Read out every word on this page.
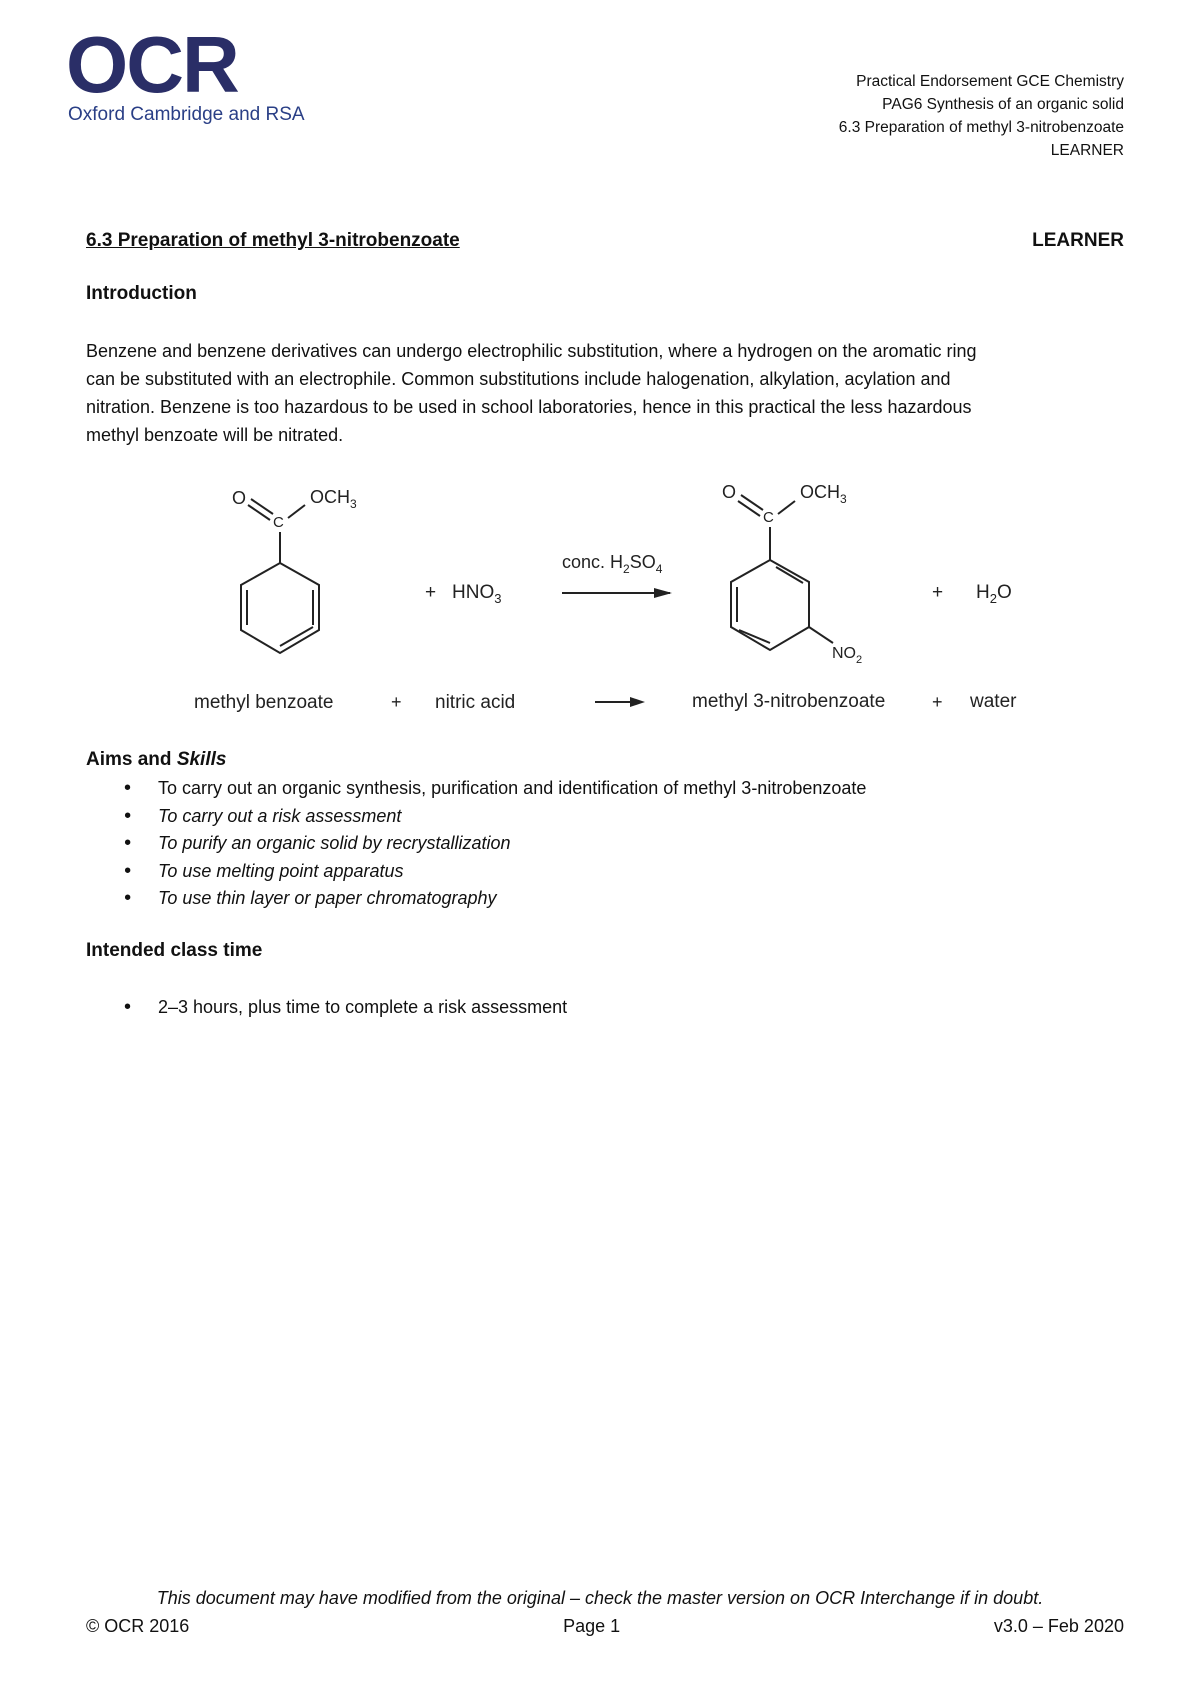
OCR
Oxford Cambridge and RSA
Practical Endorsement GCE Chemistry
PAG6 Synthesis of an organic solid
6.3 Preparation of methyl 3-nitrobenzoate
LEARNER
6.3 Preparation of methyl 3-nitrobenzoate	LEARNER
Introduction
Benzene and benzene derivatives can undergo electrophilic substitution, where a hydrogen on the aromatic ring
can be substituted with an electrophile. Common substitutions include halogenation, alkylation, acylation and
nitration. Benzene is too hazardous to be used in school laboratories, hence in this practical the less hazardous
methyl benzoate will be nitrated.
O
C
$OCH_3$
+ $HNO_3$
conc. $H_2SO_4$
O
C
$OCH_3$
$NO_2$
+ $H_2O$
methyl benzoate	+ nitric acid	methyl 3-nitrobenzoate	+ water
Aims and Skills
• To carry out an organic synthesis, purification and identification of methyl 3-nitrobenzoate
• To carry out a risk assessment
• To purify an organic solid by recrystallization
• To use melting point apparatus
• To use thin layer or paper chromatography
Intended class time
• 2–3 hours, plus time to complete a risk assessment
This document may have modified from the original – check the master version on OCR Interchange if in doubt.
© OCR 2016	Page 1	v3.0 – Feb 2020
